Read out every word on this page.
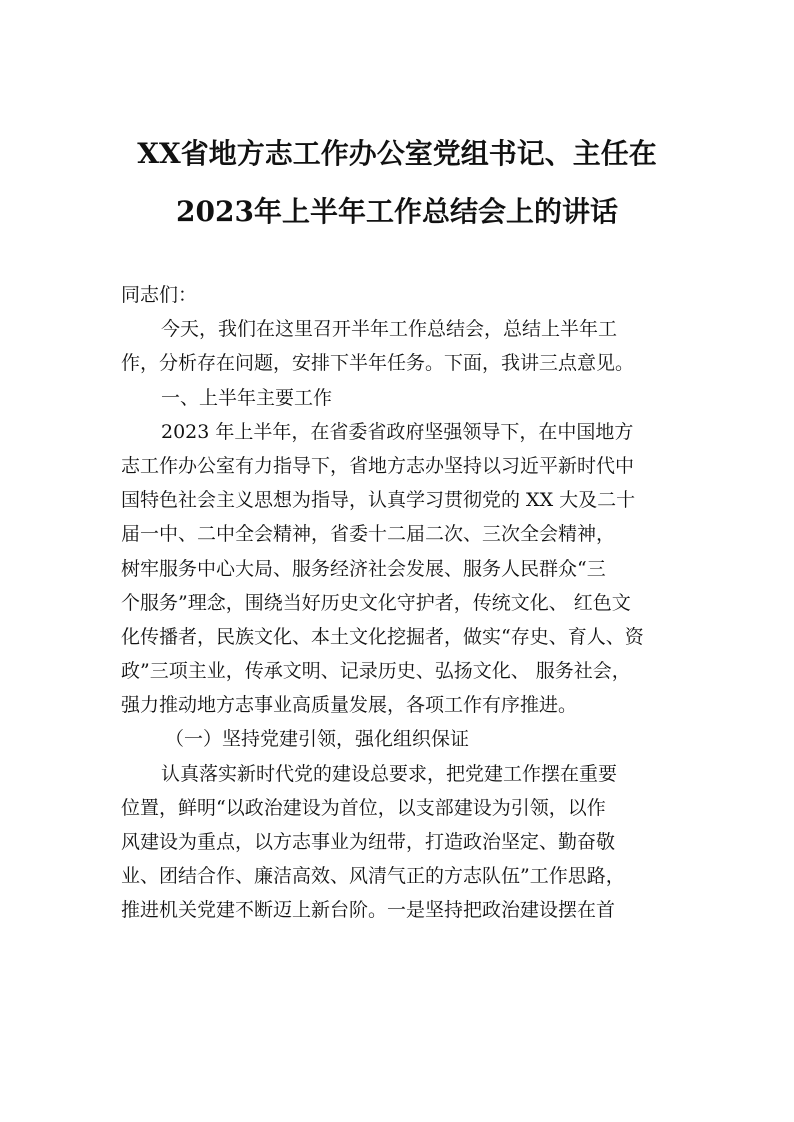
XX省地方志工作办公室党组书记、主任在
2023年上半年工作总结会上的讲话
同志们：
今天，我们在这里召开半年工作总结会，总结上半年工
作，分析存在问题，安排下半年任务。下面，我讲三点意见。
一、上半年主要工作
2023 年上半年，在省委省政府坚强领导下，在中国地方
志工作办公室有力指导下，省地方志办坚持以习近平新时代中
国特色社会主义思想为指导，认真学习贯彻党的 XX 大及二十
届一中、二中全会精神，省委十二届二次、三次全会精神，
树牢服务中心大局、服务经济社会发展、服务人民群众“三
个服务”理念，围绕当好历史文化守护者，传统文化、 红色文
化传播者，民族文化、本土文化挖掘者，做实“存史、育人、资
政”三项主业，传承文明、记录历史、弘扬文化、 服务社会，
强力推动地方志事业高质量发展，各项工作有序推进。
（一）坚持党建引领，强化组织保证
认真落实新时代党的建设总要求，把党建工作摆在重要
位置，鲜明“以政治建设为首位，以支部建设为引领，以作
风建设为重点，以方志事业为纽带，打造政治坚定、勤奋敬
业、团结合作、廉洁高效、风清气正的方志队伍”工作思路，
推进机关党建不断迈上新台阶。一是坚持把政治建设摆在首
